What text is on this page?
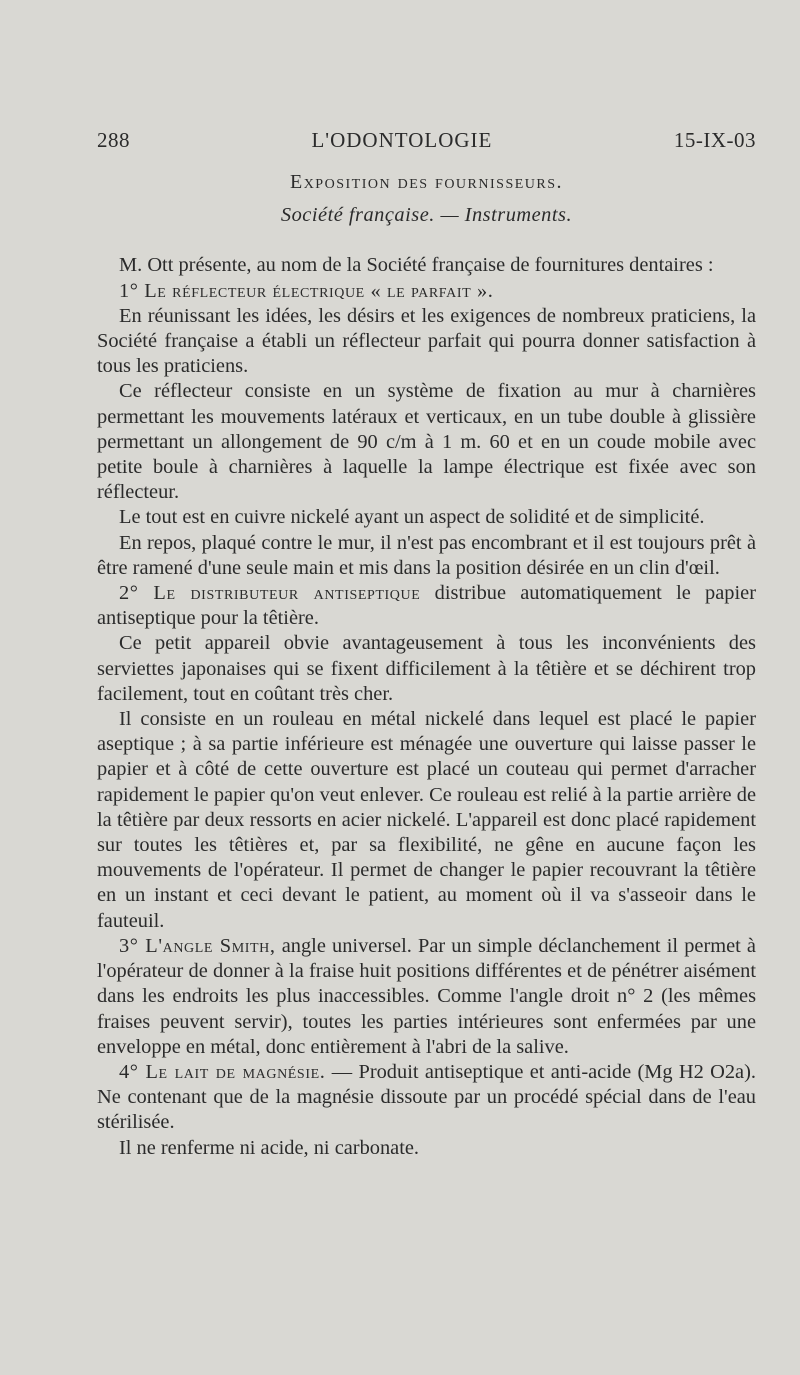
288	L'ODONTOLOGIE	15-IX-03
Exposition des fournisseurs.
Société française. — Instruments.

M. Ott présente, au nom de la Société française de fournitures dentaires :

1° Le réflecteur électrique « le parfait ».

En réunissant les idées, les désirs et les exigences de nombreux praticiens, la Société française a établi un réflecteur parfait qui pourra donner satisfaction à tous les praticiens.

Ce réflecteur consiste en un système de fixation au mur à charnières permettant les mouvements latéraux et verticaux, en un tube double à glissière permettant un allongement de 90 c/m à 1 m. 60 et en un coude mobile avec petite boule à charnières à laquelle la lampe électrique est fixée avec son réflecteur.

Le tout est en cuivre nickelé ayant un aspect de solidité et de simplicité.

En repos, plaqué contre le mur, il n'est pas encombrant et il est toujours prêt à être ramené d'une seule main et mis dans la position désirée en un clin d'œil.

2° Le distributeur antiseptique distribue automatiquement le papier antiseptique pour la têtière.

Ce petit appareil obvie avantageusement à tous les inconvénients des serviettes japonaises qui se fixent difficilement à la têtière et se déchirent trop facilement, tout en coûtant très cher.

Il consiste en un rouleau en métal nickelé dans lequel est placé le papier aseptique ; à sa partie inférieure est ménagée une ouverture qui laisse passer le papier et à côté de cette ouverture est placé un couteau qui permet d'arracher rapidement le papier qu'on veut enlever. Ce rouleau est relié à la partie arrière de la têtière par deux ressorts en acier nickelé. L'appareil est donc placé rapidement sur toutes les têtières et, par sa flexibilité, ne gêne en aucune façon les mouvements de l'opérateur. Il permet de changer le papier recouvrant la têtière en un instant et ceci devant le patient, au moment où il va s'asseoir dans le fauteuil.

3° L'angle Smith, angle universel. Par un simple déclanchement il permet à l'opérateur de donner à la fraise huit positions différentes et de pénétrer aisément dans les endroits les plus inaccessibles. Comme l'angle droit n° 2 (les mêmes fraises peuvent servir), toutes les parties intérieures sont enfermées par une enveloppe en métal, donc entièrement à l'abri de la salive.

4° Le lait de magnésie. — Produit antiseptique et anti-acide (Mg H2 O2a). Ne contenant que de la magnésie dissoute par un procédé spécial dans de l'eau stérilisée.

Il ne renferme ni acide, ni carbonate.
